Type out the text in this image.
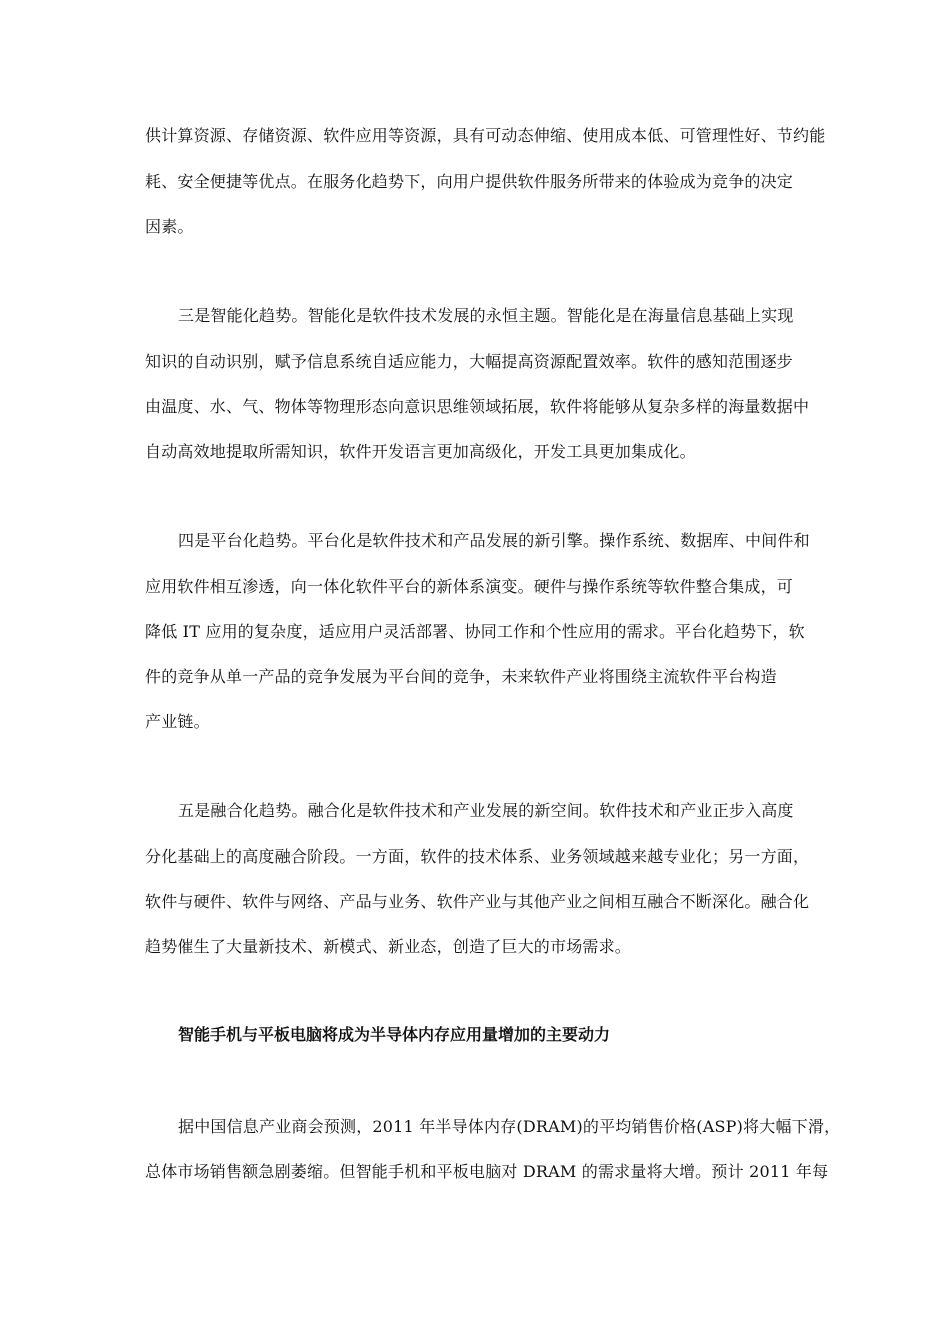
供计算资源、存储资源、软件应用等资源，具有可动态伸缩、使用成本低、可管理性好、节约能
耗、安全便捷等优点。在服务化趋势下，向用户提供软件服务所带来的体验成为竞争的决定
因素。
三是智能化趋势。智能化是软件技术发展的永恒主题。智能化是在海量信息基础上实现
知识的自动识别，赋予信息系统自适应能力，大幅提高资源配置效率。软件的感知范围逐步
由温度、水、气、物体等物理形态向意识思维领域拓展，软件将能够从复杂多样的海量数据中
自动高效地提取所需知识，软件开发语言更加高级化，开发工具更加集成化。
四是平台化趋势。平台化是软件技术和产品发展的新引擎。操作系统、数据库、中间件和
应用软件相互渗透，向一体化软件平台的新体系演变。硬件与操作系统等软件整合集成，可
降低 IT 应用的复杂度，适应用户灵活部署、协同工作和个性应用的需求。平台化趋势下，软
件的竞争从单一产品的竞争发展为平台间的竞争，未来软件产业将围绕主流软件平台构造
产业链。
五是融合化趋势。融合化是软件技术和产业发展的新空间。软件技术和产业正步入高度
分化基础上的高度融合阶段。一方面，软件的技术体系、业务领域越来越专业化；另一方面，
软件与硬件、软件与网络、产品与业务、软件产业与其他产业之间相互融合不断深化。融合化
趋势催生了大量新技术、新模式、新业态，创造了巨大的市场需求。
智能手机与平板电脑将成为半导体内存应用量增加的主要动力
据中国信息产业商会预测，2011 年半导体内存(DRAM)的平均销售价格(ASP)将大幅下滑，
总体市场销售额急剧萎缩。但智能手机和平板电脑对 DRAM 的需求量将大增。预计 2011 年每
